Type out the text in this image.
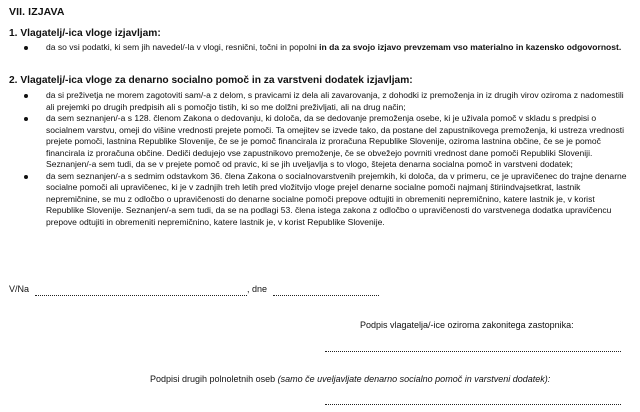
VII. IZJAVA
1. Vlagatelj/-ica vloge izjavljam:
da so vsi podatki, ki sem jih navedel/-la v vlogi, resnični, točni in popolni in da za svojo izjavo prevzemam vso materialno in kazensko odgovornost.
2. Vlagatelj/-ica vloge za denarno socialno pomoč in za varstveni dodatek izjavljam:
da si preživetja ne morem zagotoviti sam/-a z delom, s pravicami iz dela ali zavarovanja, z dohodki iz premoženja in iz drugih virov oziroma z nadomestili ali prejemki po drugih predpisih ali s pomočjo tistih, ki so me dolžni preživljati, ali na drug način;
da sem seznanjen/-a s 128. členom Zakona o dedovanju, ki določa, da se dedovanje premoženja osebe, ki je uživala pomoč v skladu s predpisi o socialnem varstvu, omeji do višine vrednosti prejete pomoči. Ta omejitev se izvede tako, da postane del zapustnikovega premoženja, ki ustreza vrednosti prejete pomoči, lastnina Republike Slovenije, če se je pomoč financirala iz proračuna Republike Slovenije, oziroma lastnina občine, če se je pomoč financirala iz proračuna občine. Dediči dedujejo vse zapustnikovo premoženje, če se obvežejo povrniti vrednost dane pomoči Republiki Sloveniji. Seznanjen/-a sem tudi, da se v prejete pomoč od pravic, ki se jih uveljavlja s to vlogo, štejeta denarna socialna pomoč in varstveni dodatek;
da sem seznanjen/-a s sedmim odstavkom 36. člena Zakona o socialnovarstvenih prejemkih, ki določa, da v primeru, ce je upravičenec do trajne denarne socialne pomoči ali upravičenec, ki je v zadnjih treh letih pred vložitvijo vloge prejel denarne socialne pomoči najmanj štiriindvajsetkrat, lastnik nepremičnine, se mu z odločbo o upravičenosti do denarne socialne pomoči prepove odtujiti in obremeniti nepremičnino, katere lastnik je, v korist Republike Slovenije. Seznanjen/-a sem tudi, da se na podlagi 53. člena istega zakona z odločbo o upravičenosti do varstvenega dodatka upravičencu prepove odtujiti in obremeniti nepremičnino, katere lastnik je, v korist Republike Slovenije.
V/Na	, dne
Podpis vlagatelja/-ice oziroma zakonitega zastopnika:
Podpisi drugih polnoletnih oseb (samo če uveljavljate denarno socialno pomoč in varstveni dodatek):
